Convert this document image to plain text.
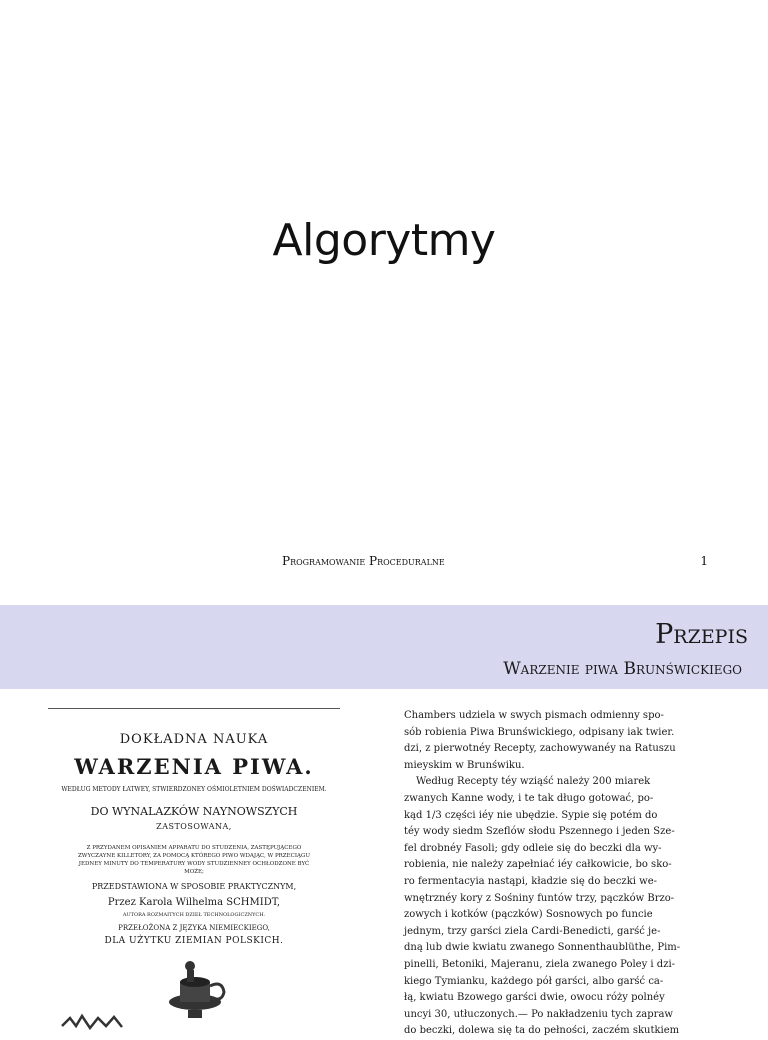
Algorytmy
Programowanie Proceduralne	1
Przepis
Warzenie piwa Brunświckiego
DOKŁADNA NAUKA
WARZENIA PIWA.
WEDŁUG METODY ŁATWEY, STWIERDZONEY OŚMIOLETNIEM DOŚWIADCZENIEM.
DO WYNALAZKÓW NAYNOWSZYCH
ZASTOSOWANA,
Z PRZYDANEM OPISANIEM APPARATU DO STUDZENIA, ZASTĘPUJĄCEGO ZWYCZAYNE KILLETORY, ZA POMOCĄ KTÓREGO PIWO WDAJĄC, W PRZECIĄGU JEDNEY MINUTY DO TEMPERATURY WODY STUDZIENNEY OCHŁODZONE BYĆ MOŻE;
PRZEDSTAWIONA W SPOSOBIE PRAKTYCZNYM,
Przez Karola Wilhelma SCHMIDT,
AUTORA ROZMAITYCH DZIEŁ TECHNOLOGICZNYCH.
PRZEŁOŻONA Z JĘZYKA NIEMIECKIEGO,
DLA UŻYTKU ZIEMIAN POLSKICH.
Chambers udziela w swych pismach odmienny spo-
sób robienia Piwa Brunświckiego, odpisany iak twier.
dzi, z pierwotnéy Recepty, zachowywanéy na Ratuszu
mieyskim w Brunświku.
Według Recepty téy wziąść należy 200 miarek
zwanych Kanne wody, i te tak długo gotować, po-
kąd 1/3 części iéy nie ubędzie. Sypie się potém do
téy wody siedm Szeflów słodu Pszennego i jeden Sze-
fel drobnéy Fasoli; gdy odleie się do beczki dla wy-
robienia, nie należy zapełniać iéy całkowicie, bo sko-
ro fermentacyia nastąpi, kładzie się do beczki we-
wnętrznéy kory z Sośniny funtów trzy, pączków Brzo-
zowych i kotków (pączków) Sosnowych po funcie
jednym, trzy garści ziela Cardi-Benedicti, garść je-
dną lub dwie kwiatu zwanego Sonnenthaublüthe, Pim-
pinelli, Betoniki, Majeranu, ziela zwanego Poley i dzi-
kiego Tymianku, każdego pół garści, albo garść ca-
łą, kwiatu Bzowego garści dwie, owocu róży polnéy
uncyi 30, utłuczonych.— Po nakładzeniu tych zapraw
do beczki, dolewa się ta do pełności, zaczém skutkiem
